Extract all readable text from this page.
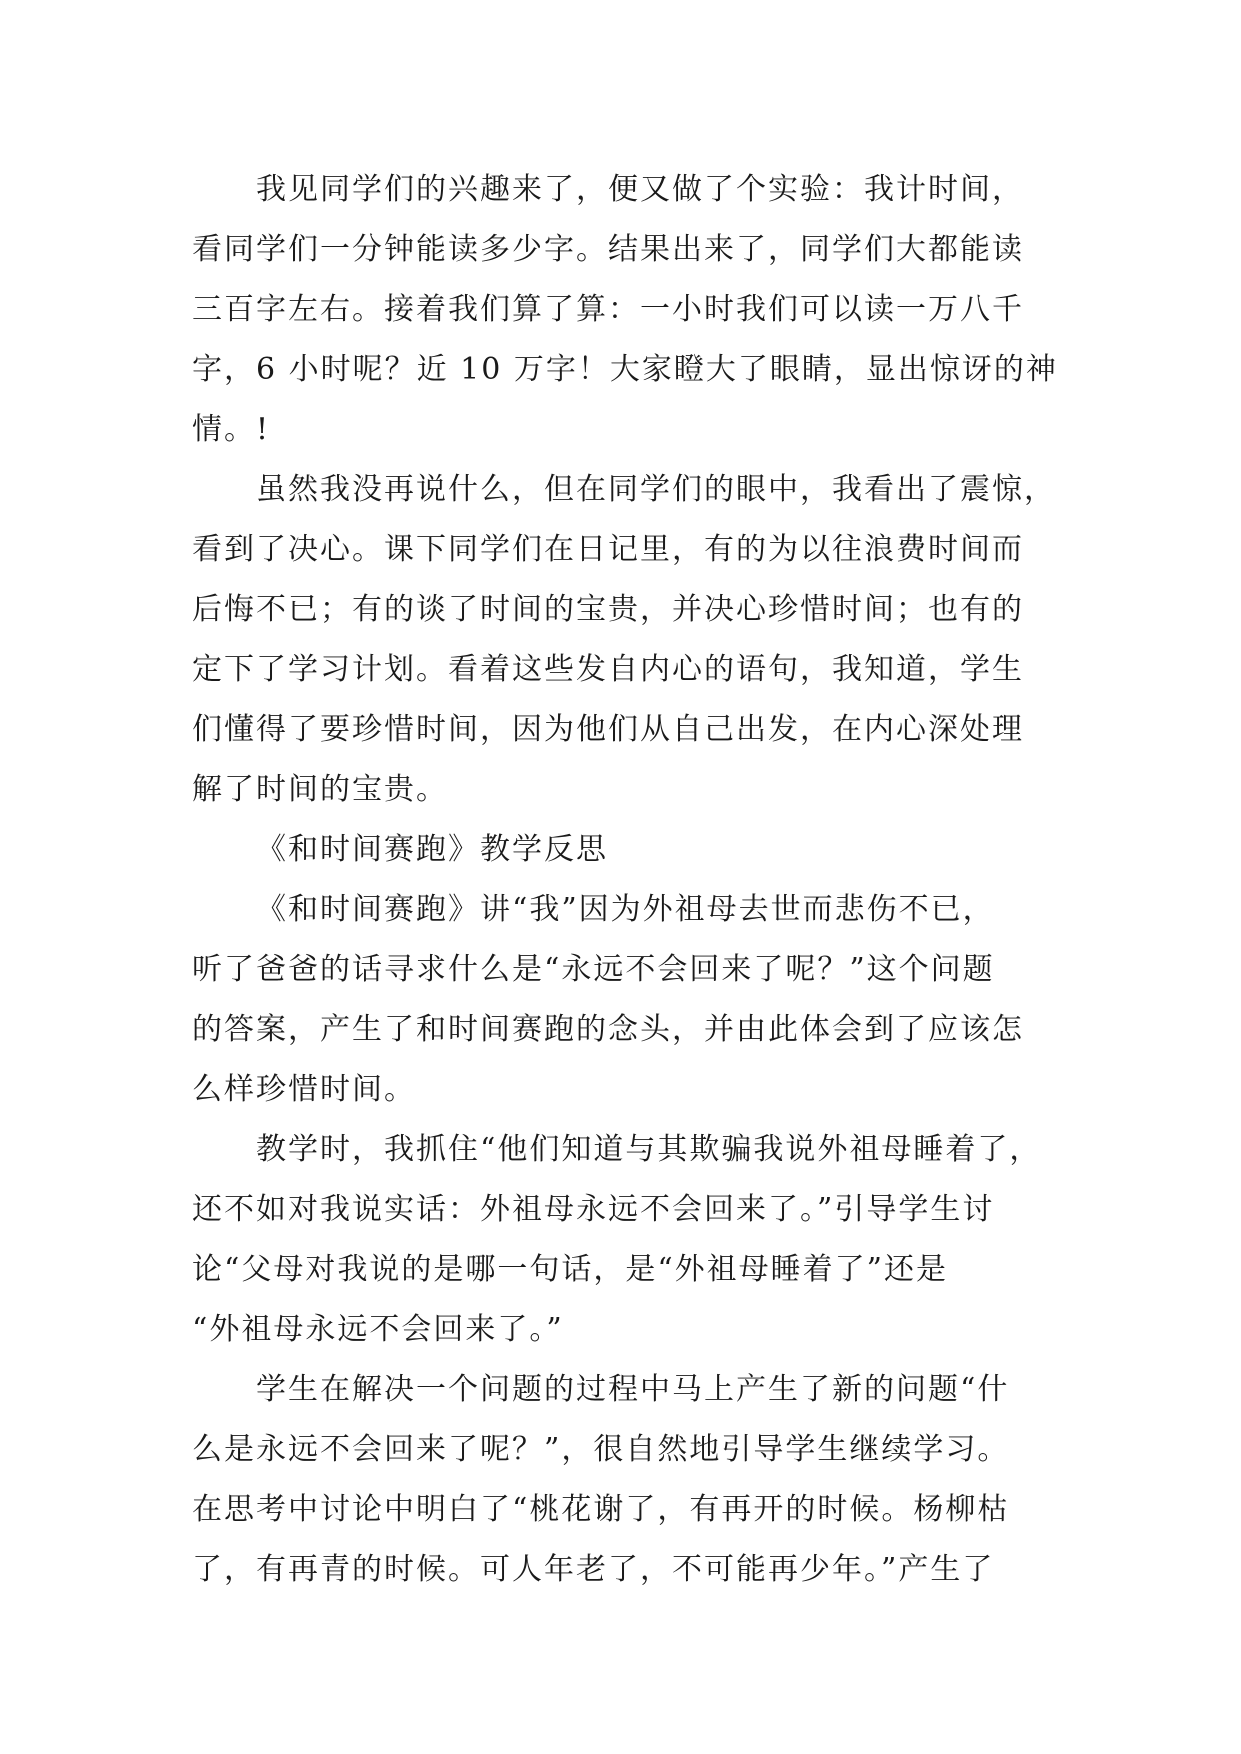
我见同学们的兴趣来了，便又做了个实验：我计时间，
看同学们一分钟能读多少字。结果出来了，同学们大都能读
三百字左右。接着我们算了算：一小时我们可以读一万八千
字，6 小时呢？近 10 万字！大家瞪大了眼睛，显出惊讶的神
情。!
虽然我没再说什么，但在同学们的眼中，我看出了震惊，
看到了决心。课下同学们在日记里，有的为以往浪费时间而
后悔不已；有的谈了时间的宝贵，并决心珍惜时间；也有的
定下了学习计划。看着这些发自内心的语句，我知道，学生
们懂得了要珍惜时间，因为他们从自己出发，在内心深处理
解了时间的宝贵。
《和时间赛跑》教学反思
《和时间赛跑》讲“我”因为外祖母去世而悲伤不已，
听了爸爸的话寻求什么是“永远不会回来了呢？”这个问题
的答案，产生了和时间赛跑的念头，并由此体会到了应该怎
么样珍惜时间。
教学时，我抓住“他们知道与其欺骗我说外祖母睡着了，
还不如对我说实话：外祖母永远不会回来了。”引导学生讨
论“父母对我说的是哪一句话，是“外祖母睡着了”还是
“外祖母永远不会回来了。”
学生在解决一个问题的过程中马上产生了新的问题“什
么是永远不会回来了呢？”，很自然地引导学生继续学习。
在思考中讨论中明白了“桃花谢了，有再开的时候。杨柳枯
了，有再青的时候。可人年老了，不可能再少年。”产生了
